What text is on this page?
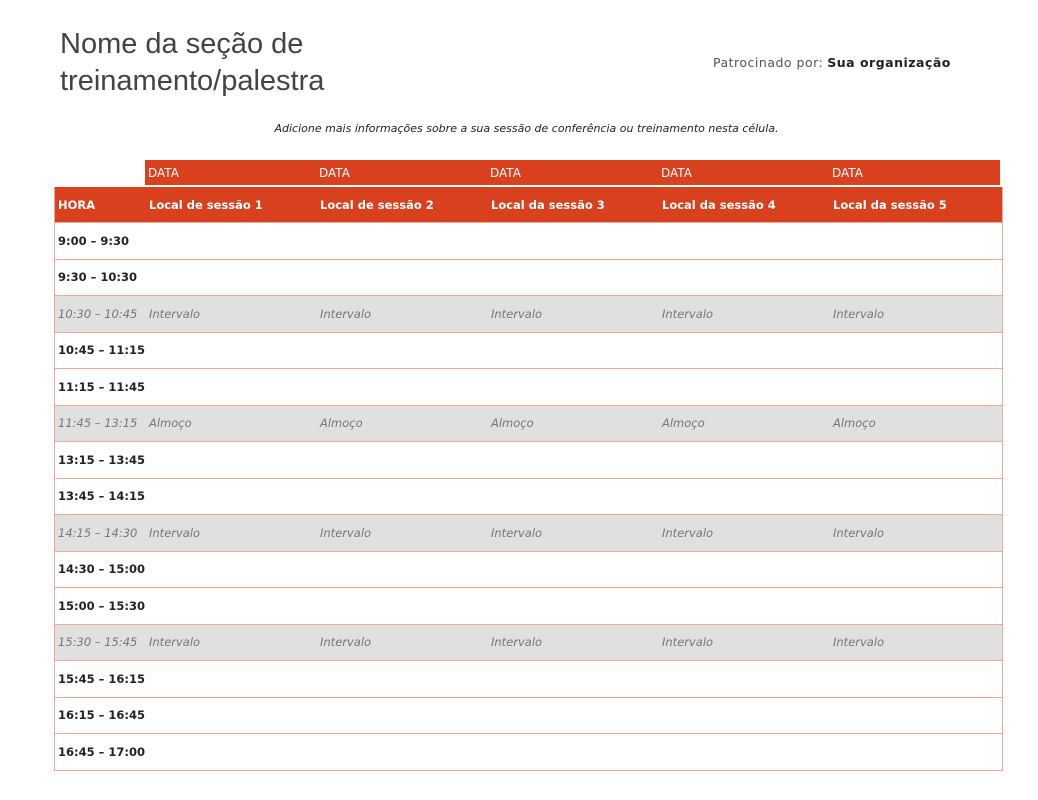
Nome da seção de
treinamento/palestra
Patrocinado por: Sua organização
Adicione mais informações sobre a sua sessão de conferência ou treinamento nesta célula.
DATA	DATA	DATA	DATA	DATA
HORA	Local de sessão 1	Local de sessão 2	Local da sessão 3	Local da sessão 4	Local da sessão 5
9:00 – 9:30
9:30 – 10:30
10:30 – 10:45	Intervalo	Intervalo	Intervalo	Intervalo	Intervalo
10:45 – 11:15
11:15 – 11:45
11:45 – 13:15	Almoço	Almoço	Almoço	Almoço	Almoço
13:15 – 13:45
13:45 – 14:15
14:15 – 14:30	Intervalo	Intervalo	Intervalo	Intervalo	Intervalo
14:30 – 15:00
15:00 – 15:30
15:30 – 15:45	Intervalo	Intervalo	Intervalo	Intervalo	Intervalo
15:45 – 16:15
16:15 – 16:45
16:45 – 17:00
